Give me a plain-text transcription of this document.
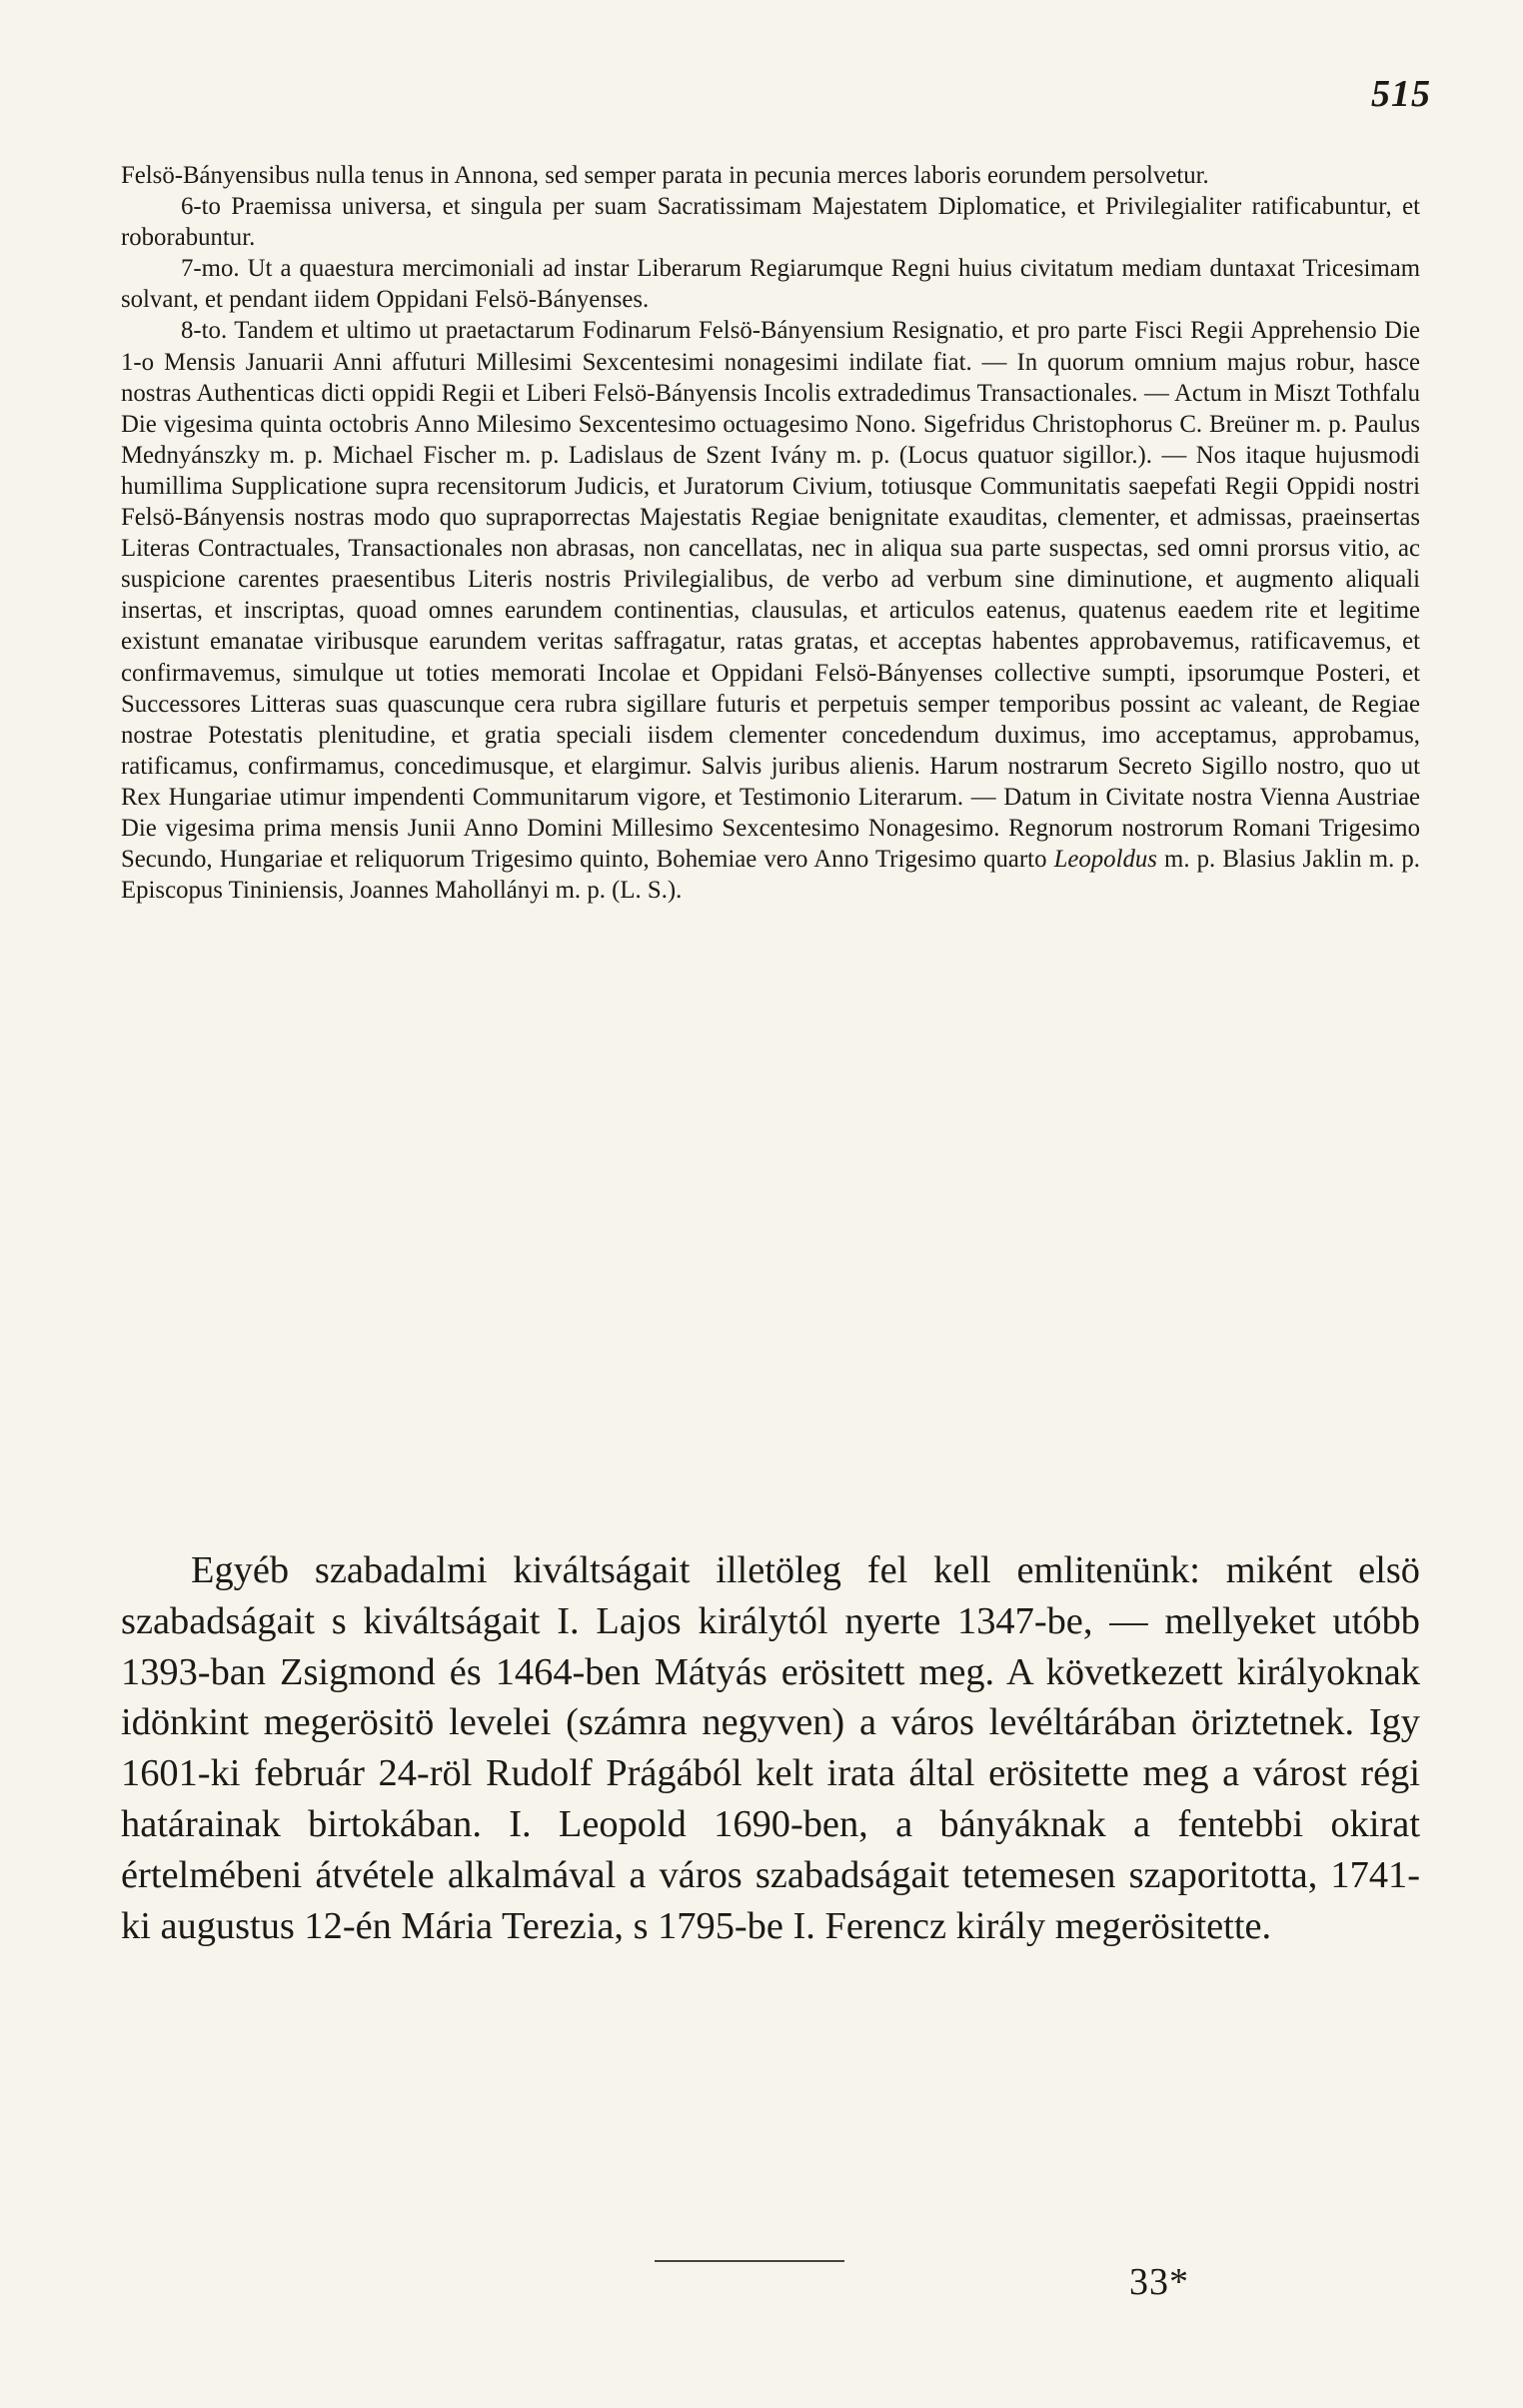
515

Felsö-Bányensibus nulla tenus in Annona, sed semper parata in pecunia merces laboris eorundem persolvetur.

6-to Praemissa universa, et singula per suam Sacratissimam Majestatem Diplomatice, et Privilegialiter ratificabuntur, et roborabuntur.

7-mo. Ut a quaestura mercimoniali ad instar Liberarum Regiarumque Regni huius civitatum mediam duntaxat Tricesimam solvant, et pendant iidem Oppidani Felsö-Bányenses.

8-to. Tandem et ultimo ut praetactarum Fodinarum Felsö-Bányensium Resignatio, et pro parte Fisci Regii Apprehensio Die 1-o Mensis Januarii Anni affuturi Millesimi Sexcentesimi nonagesimi indilate fiat. — In quorum omnium majus robur, hasce nostras Authenticas dicti oppidi Regii et Liberi Felsö-Bányensis Incolis extradedimus Transactionales. — Actum in Miszt Tothfalu Die vigesima quinta octobris Anno Milesimo Sexcentesimo octuagesimo Nono. Sigefridus Christophorus C. Breüner m. p. Paulus Mednyánszky m. p. Michael Fischer m. p. Ladislaus de Szent Ivány m. p. (Locus quatuor sigillor.). — Nos itaque hujusmodi humillima Supplicatione supra recensitorum Judicis, et Juratorum Civium, totiusque Communitatis saepefati Regii Oppidi nostri Felsö-Bányensis nostras modo quo supraporrectas Majestatis Regiae benignitate exauditas, clementer, et admissas, praeinsertas Literas Contractuales, Transactionales non abrasas, non cancellatas, nec in aliqua sua parte suspectas, sed omni prorsus vitio, ac suspicione carentes praesentibus Literis nostris Privilegialibus, de verbo ad verbum sine diminutione, et augmento aliquali insertas, et inscriptas, quoad omnes earundem continentias, clausulas, et articulos eatenus, quatenus eaedem rite et legitime existunt emanatae viribusque earundem veritas saffragatur, ratas gratas, et acceptas habentes approbavemus, ratificavemus, et confirmavemus, simulque ut toties memorati Incolae et Oppidani Felsö-Bányenses collective sumpti, ipsorumque Posteri, et Successores Litteras suas quascunque cera rubra sigillare futuris et perpetuis semper temporibus possint ac valeant, de Regiae nostrae Potestatis plenitudine, et gratia speciali iisdem clementer concedendum duximus, imo acceptamus, approbamus, ratificamus, confirmamus, concedimusque, et elargimur. Salvis juribus alienis. Harum nostrarum Secreto Sigillo nostro, quo ut Rex Hungariae utimur impendenti Communitarum vigore, et Testimonio Literarum. — Datum in Civitate nostra Vienna Austriae Die vigesima prima mensis Junii Anno Domini Millesimo Sexcentesimo Nonagesimo. Regnorum nostrorum Romani Trigesimo Secundo, Hungariae et reliquorum Trigesimo quinto, Bohemiae vero Anno Trigesimo quarto Leopoldus m. p. Blasius Jaklin m. p. Episcopus Tininiensis, Joannes Mahollányi m. p. (L. S.).

Egyéb szabadalmi kiváltságait illetöleg fel kell emlitenünk: miként elsö szabadságait s kiváltságait I. Lajos királytól nyerte 1347-be, — mellyeket utóbb 1393-ban Zsigmond és 1464-ben Mátyás erösitett meg. A következett királyoknak idönkint megerösitö levelei (számra negyven) a város levéltárában öriztetnek. Igy 1601-ki február 24-röl Rudolf Prágából kelt irata által erösitette meg a várost régi határainak birtokában. I. Leopold 1690-ben, a bányáknak a fentebbi okirat értelmébeni átvétele alkalmával a város szabadságait tetemesen szaporitotta, 1741-ki augustus 12-én Mária Terezia, s 1795-be I. Ferencz király megerösitette.

33*
